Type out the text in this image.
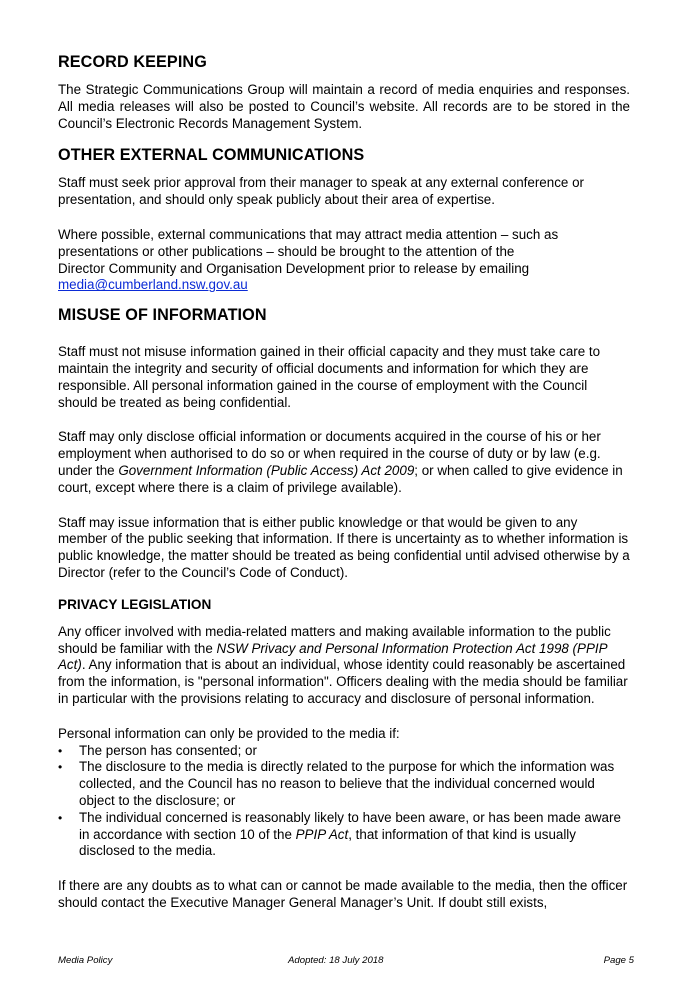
RECORD KEEPING

The Strategic Communications Group will maintain a record of media enquiries and responses. All media releases will also be posted to Council’s website. All records are to be stored in the Council’s Electronic Records Management System.

OTHER EXTERNAL COMMUNICATIONS

Staff must seek prior approval from their manager to speak at any external conference or presentation, and should only speak publicly about their area of expertise.

Where possible, external communications that may attract media attention – such as presentations or other publications – should be brought to the attention of the
Director Community and Organisation Development prior to release by emailing
media@cumberland.nsw.gov.au

MISUSE OF INFORMATION

Staff must not misuse information gained in their official capacity and they must take care to maintain the integrity and security of official documents and information for which they are responsible. All personal information gained in the course of employment with the Council should be treated as being confidential.

Staff may only disclose official information or documents acquired in the course of his or her employment when authorised to do so or when required in the course of duty or by law (e.g. under the Government Information (Public Access) Act 2009; or when called to give evidence in court, except where there is a claim of privilege available).

Staff may issue information that is either public knowledge or that would be given to any member of the public seeking that information. If there is uncertainty as to whether information is public knowledge, the matter should be treated as being confidential until advised otherwise by a Director (refer to the Council’s Code of Conduct).

PRIVACY LEGISLATION

Any officer involved with media-related matters and making available information to the public should be familiar with the NSW Privacy and Personal Information Protection Act 1998 (PPIP Act). Any information that is about an individual, whose identity could reasonably be ascertained from the information, is "personal information". Officers dealing with the media should be familiar in particular with the provisions relating to accuracy and disclosure of personal information.

Personal information can only be provided to the media if:

• The person has consented; or
• The disclosure to the media is directly related to the purpose for which the information was collected, and the Council has no reason to believe that the individual concerned would object to the disclosure; or
• The individual concerned is reasonably likely to have been aware, or has been made aware in accordance with section 10 of the PPIP Act, that information of that kind is usually disclosed to the media.

If there are any doubts as to what can or cannot be made available to the media, then the officer should contact the Executive Manager General Manager’s Unit. If doubt still exists,

Media Policy	Adopted: 18 July 2018	Page 5
